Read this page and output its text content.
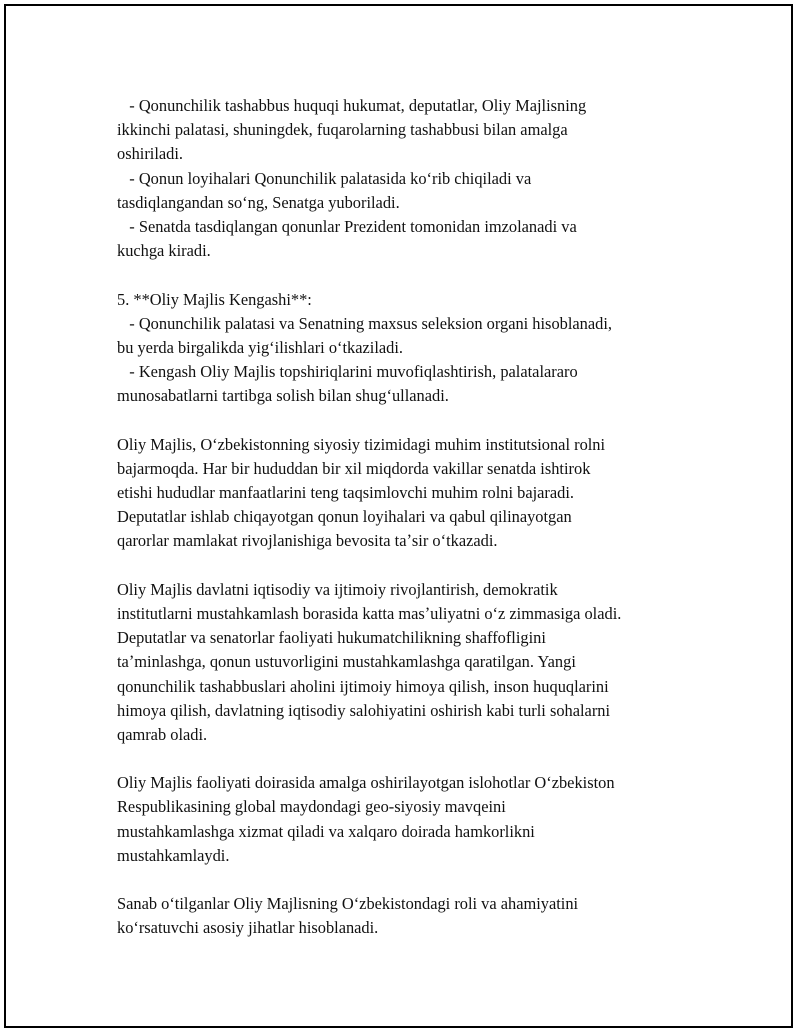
- Qonunchilik tashabbus huquqi hukumat, deputatlar, Oliy Majlisning
ikkinchi palatasi, shuningdek, fuqarolarning tashabbusi bilan amalga
oshiriladi.
- Qonun loyihalari Qonunchilik palatasida koʻrib chiqiladi va
tasdiqlangandan soʻng, Senatga yuboriladi.
- Senatda tasdiqlangan qonunlar Prezident tomonidan imzolanadi va
kuchga kiradi.
5. **Oliy Majlis Kengashi**:
- Qonunchilik palatasi va Senatning maxsus seleksion organi hisoblanadi,
bu yerda birgalikda yigʻilishlari oʻtkaziladi.
- Kengash Oliy Majlis topshiriqlarini muvofiqlashtirish, palatalararo
munosabatlarni tartibga solish bilan shugʻullanadi.
Oliy Majlis, Oʻzbekistonning siyosiy tizimidagi muhim institutsional rolni
bajarmoqda. Har bir hududdan bir xil miqdorda vakillar senatda ishtirok
etishi hududlar manfaatlarini teng taqsimlovchi muhim rolni bajaradi.
Deputatlar ishlab chiqayotgan qonun loyihalari va qabul qilinayotgan
qarorlar mamlakat rivojlanishiga bevosita taʼsir oʻtkazadi.
Oliy Majlis davlatni iqtisodiy va ijtimoiy rivojlantirish, demokratik
institutlarni mustahkamlash borasida katta masʼuliyatni oʻz zimmasiga oladi.
Deputatlar va senatorlar faoliyati hukumatchilikning shaffofligini
taʼminlashga, qonun ustuvorligini mustahkamlashga qaratilgan. Yangi
qonunchilik tashabbuslari aholini ijtimoiy himoya qilish, inson huquqlarini
himoya qilish, davlatning iqtisodiy salohiyatini oshirish kabi turli sohalarni
qamrab oladi.
Oliy Majlis faoliyati doirasida amalga oshirilayotgan islohotlar Oʻzbekiston
Respublikasining global maydondagi geo-siyosiy mavqeini
mustahkamlashga xizmat qiladi va xalqaro doirada hamkorlikni
mustahkamlaydi.
Sanab oʻtilganlar Oliy Majlisning Oʻzbekistondagi roli va ahamiyatini
koʻrsatuvchi asosiy jihatlar hisoblanadi.
